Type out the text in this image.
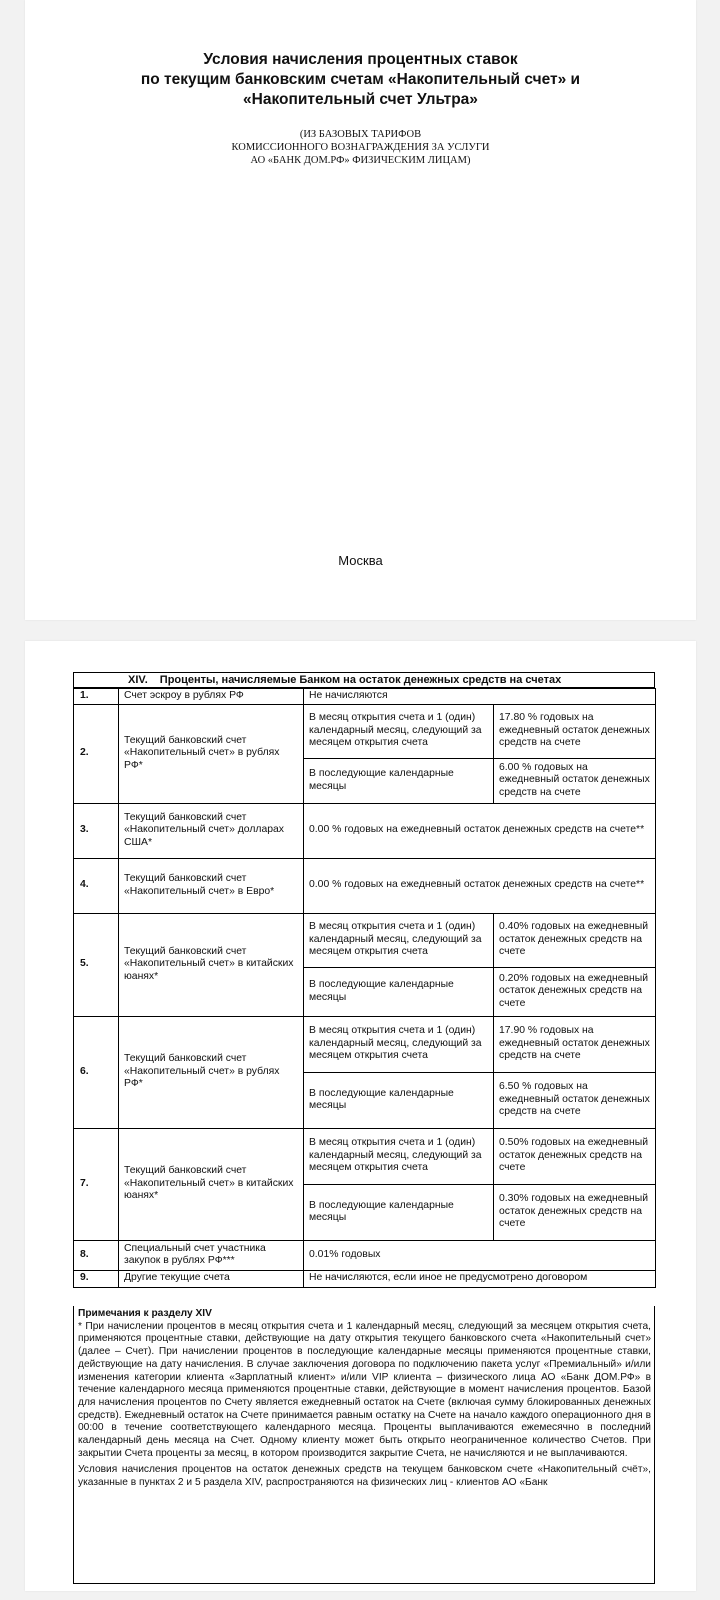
Условия начисления процентных ставок
по текущим банковским счетам «Накопительный счет» и
«Накопительный счет Ультра»
(ИЗ БАЗОВЫХ ТАРИФОВ
КОМИССИОННОГО ВОЗНАГРАЖДЕНИЯ ЗА УСЛУГИ
АО «БАНК ДОМ.РФ» ФИЗИЧЕСКИМ ЛИЦАМ)
Москва
XIV. Проценты, начисляемые Банком на остаток денежных средств на счетах
1.	Счет эскроу в рублях РФ	Не начисляются	
2.	Текущий банковский счет «Накопительный счет» в рублях РФ*	В месяц открытия счета и 1 (один) календарный месяц, следующий за месяцем открытия счета	17.80 % годовых на ежедневный остаток денежных средств на счете
		В последующие календарные месяцы	6.00 % годовых на ежедневный остаток денежных средств на счете
3.	Текущий банковский счет «Накопительный счет» долларах США*	0.00 % годовых на ежедневный остаток денежных средств на счете**	
4.	Текущий банковский счет «Накопительный счет» в Евро*	0.00 % годовых на ежедневный остаток денежных средств на счете**	
5.	Текущий банковский счет «Накопительный счет» в китайских юанях*	В месяц открытия счета и 1 (один) календарный месяц, следующий за месяцем открытия счета	0.40% годовых на ежедневный остаток денежных средств на счете
		В последующие календарные месяцы	0.20% годовых на ежедневный остаток денежных средств на счете
6.	Текущий банковский счет «Накопительный счет» в рублях РФ*	В месяц открытия счета и 1 (один) календарный месяц, следующий за месяцем открытия счета	17.90 % годовых на ежедневный остаток денежных средств на счете
		В последующие календарные месяцы	6.50 % годовых на ежедневный остаток денежных средств на счете
7.	Текущий банковский счет «Накопительный счет» в китайских юанях*	В месяц открытия счета и 1 (один) календарный месяц, следующий за месяцем открытия счета	0.50% годовых на ежедневный остаток денежных средств на счете
		В последующие календарные месяцы	0.30% годовых на ежедневный остаток денежных средств на счете
8.	Специальный счет участника закупок в рублях РФ***	0.01% годовых	
9.	Другие текущие счета	Не начисляются, если иное не предусмотрено договором	
Примечания к разделу XIV

* При начислении процентов в месяц открытия счета и 1 календарный месяц, следующий за месяцем открытия счета, применяются процентные ставки, действующие на дату открытия текущего банковского счета «Накопительный счет» (далее – Счет). При начислении процентов в последующие календарные месяцы применяются процентные ставки, действующие на дату начисления. В случае заключения договора по подключению пакета услуг «Премиальный» и/или изменения категории клиента «Зарплатный клиент» и/или VIP клиента – физического лица АО «Банк ДОМ.РФ» в течение календарного месяца применяются процентные ставки, действующие в момент начисления процентов. Базой для начисления процентов по Счету является ежедневный остаток на Счете (включая сумму блокированных денежных средств). Ежедневный остаток на Счете принимается равным остатку на Счете на начало каждого операционного дня в 00:00 в течение соответствующего календарного месяца. Проценты выплачиваются ежемесячно в последний календарный день месяца на Счет. Одному клиенту может быть открыто неограниченное количество Счетов. При закрытии Счета проценты за месяц, в котором производится закрытие Счета, не начисляются и не выплачиваются.

Условия начисления процентов на остаток денежных средств на текущем банковском счете «Накопительный счёт», указанные в пунктах 2 и 5 раздела XIV, распространяются на физических лиц - клиентов АО «Банк
